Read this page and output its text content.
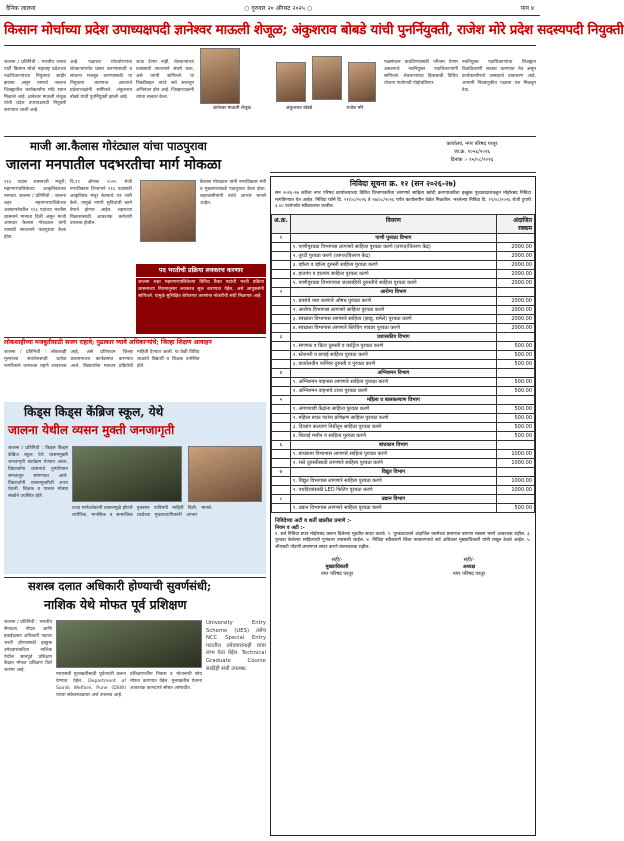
दैनिक जालना	○ गुरुवार २० ऑगस्ट २०२५ ○	पान ४
किसान मोर्चाच्या प्रदेश उपाध्यक्षपदी ज्ञानेश्वर माऊली शेजूळ; अंकुशराव बोबडे यांची पुनर्नियुक्ती, राजेश मोरे प्रदेश सदस्यपदी नियुक्ती
जालना / प्रतिनिधी : भारतीय जनता पार्टी किसान मोर्चा महाराष्ट्र प्रदेशच्या पदाधिकाऱ्यांच्या नियुक्त्या जाहीर झाल्या असून यामध्ये जालना जिल्ह्यातील कार्यकर्त्यांना मोठे स्थान मिळाले आहे. ज्ञानेश्वर माऊली शेजूळ यांची प्रदेश उपाध्यक्षपदी नियुक्ती करण्यात आली आहे.
आहे. पक्षाच्या ध्येयधोरणांचा शेतकऱ्यांपर्यंत प्रसार करण्यासाठी व संघटना मजबूत करण्यासाठी या नियुक्त्या करण्यात आल्याचे प्रदेशाध्यक्षांनी सांगितले. अंकुशराव बोबडे यांची पुनर्नियुक्ती झाली आहे.
जाऊ देणार नाही, शेतकऱ्यांच्या प्रश्नांसाठी सातत्याने संघर्ष करू, असे त्यांनी सांगितले. या निवडीबद्दल त्यांचे सर्व स्तरातून अभिनंदन होत आहे. जिल्हाध्यक्षांनी त्यांचा सत्कार केला.
ज्ञानेश्वर माऊली शेजूळ	अंकुशराव बोबडे	राजेश मोरे
पक्षसंघटन वाढविण्यासाठी परिश्रम घेणार असल्याचे नवनियुक्त पदाधिकाऱ्यांनी सांगितले. शेतकऱ्यांच्या हितासाठी विविध योजना गावोगावी पोहोचविणार.
नवनियुक्त पदाधिकाऱ्यांचा जिल्ह्यात ठिकठिकाणी सत्कार करण्यात येत असून कार्यकर्त्यांमध्ये उत्साहाचे वातावरण आहे. आगामी निवडणुकीत पक्षाला यश मिळवून देऊ.
माजी आ.कैलास गोरंट्याल यांचा पाठपुरावा
जालना मनपातील पदभरतीचा मार्ग मोकळा
११३ पदास शासनाची मंजुरी; महानगरपालिकेच्या आकृतिबंधाला मान्यता. जालना / प्रतिनिधी : जालना शहर महानगरपालिकेच्या आस्थापनेवरील ११३ पदांच्या भरतीस शासनाने मान्यता दिली असून माजी आमदार कैलास गोरंट्याल यांनी यासाठी सातत्याने पाठपुरावा केला होता.
दि.१९ ऑगस्ट २०२५ रोजी नगरविकास विभागाने ११३ पदांसाठी आकृतिबंध मंजूर केल्याचे पत्र जारी केले. यामुळे नागरी सुविधांची कामे वेगाने होणार आहेत. शहराच्या विकासासाठी आवश्यक कर्मचारी उपलब्ध होतील.
कैलास गोरंट्याल यांनी नगरविकास मंत्री व मुख्यमंत्र्यांकडे पाठपुरावा केला होता. शहरवासीयांनी त्यांचे आभार मानले आहेत.
पद भरतीची प्रक्रिया लवकरच करणार
जालना शहर महानगरपालिकेच्या विविध रिक्त पदांची भरती प्रक्रिया शासनाच्या नियमानुसार लवकरच सुरू करण्यात येईल, असे आयुक्तांनी सांगितले. यामुळे सुशिक्षित बेरोजगार तरुणांना नोकरीची संधी मिळणार आहे.
लोकशाहीच्या मजबुतीसाठी सजग राहावे; पुढाकार घ्यावे अधिकाऱ्यांचे; जिल्हा शिक्षण आवाहन
जालना / प्रतिनिधी : लोकशाही मूल्यांच्या संवर्धनासाठी प्रत्येक नागरिकाने जागरूक राहणे आवश्यक आहे, असे प्रतिपादन जिल्हा प्रशासनाच्या कार्यक्रमात करण्यात आले. विद्यार्थ्यांना मतदान प्रक्रियेची माहिती देण्यात आली. या वेळी विविध शाळांचे विद्यार्थी व शिक्षक उपस्थित होते.
किड्स किड्स केंब्रिज स्कूल, येथे
जालना येथील व्यसन मुक्ती जनजागृती
जालना / प्रतिनिधी : किड्स किड्स केंब्रिज स्कूल येथे व्यसनमुक्ती जनजागृती कार्यक्रम घेण्यात आला. विद्यार्थ्यांना व्यसनाचे दुष्परिणाम समजावून सांगण्यात आले. विद्यार्थ्यांनी व्यसनमुक्तीची शपथ घेतली. शिक्षक व पालक मोठ्या संख्येने उपस्थित होते.
तज्ज्ञ मार्गदर्शकांनी व्यसनामुळे होणारे शारीरिक, मानसिक व सामाजिक नुकसान याविषयी माहिती दिली. शाळेच्या मुख्याध्यापिकांनी आभार मानले.
सशस्त्र दलात अधिकारी होण्याची सुवर्णसंधी;
नाशिक येथे मोफत पूर्व प्रशिक्षण
जालना / प्रतिनिधी : भारतीय सैन्यदल, नौदल आणि हवाईदलात अधिकारी पदावर भरती होण्यासाठी इच्छुक उमेदवारांकरिता नाशिक येथील छात्रपूर्व प्रशिक्षण केंद्रात मोफत प्रशिक्षण दिले जाणार आहे.
एसएसबी मुलाखतीसाठी पूर्वतयारी करून घेण्यात येईल. Department of Sainik Welfare, Pune (DSW) यांच्या संकेतस्थळावर अर्ज उपलब्ध आहे.
प्रशिक्षणार्थींना निवास व भोजनाची सोय मोफत करण्यात येईल. मुलाखतीस येताना आवश्यक कागदपत्रे सोबत आणावीत.
University Entry Scheme (UES) तसेच NCC Special Entry गटातील उमेदवारांनाही याचा लाभ घेता येईल. Technical Graduate Course साठीही संधी उपलब्ध.
कार्यालय, नगर परिषद परतूर
जा.क्र. १०५६/२०२६
दिनांक :- १५/०८/२०२६
निविदा सूचना क्र. १२ (सन २०२६-२७)
सन २०२६-२७ करिता नगर परिषद कार्यालयाच्या विविध विभागाकरिता लागणारे साहित्य खरेदी करण्याकरिता इच्छुक पुरवठादारांकडून मोहोरबंद निविदा मागविण्यात येत आहेत. निविदा फॉर्म दि. २१/०८/२०२६ ते २७/०८/२०२६ पर्यंत कार्यालयीन वेळेत मिळतील. भरलेल्या निविदा दि. २९/०८/२०२६ रोजी दुपारी ३.०० वाजेपर्यंत स्वीकारल्या जातील.
अ.क्र.	विवरण	अंदाजित रक्कम
१	पाणी पुरवठा विभाग	
	१. पाणीपुरवठा विभागास लागणारे साहित्य पुरवठा करणे (लागत/वितरण केंद्र)	2000.00
	२. तुरटी पुरवठा करणे (लागत/वितरण केंद्र)	2000.00
	३. व्हॉल्व व व्हॉल्व दुरुस्ती साहित्य पुरवठा करणे	2000.00
	४. हातपंप व हातपंप साहित्य पुरवठा करणे	2000.00
	५. पाणीपुरवठा विभागाच्या जलवाहिनी दुरुस्तीचे साहित्य पुरवठा करणे	2000.00
२	आरोग्य विभाग	
	१. डासांचे नाश करणारे औषध पुरवठा करणे	2000.00
	२. आरोग्य विभागास लागणारे साहित्य पुरवठा करणे	2000.00
	३. स्वच्छता विभागास लागणारे साहित्य (झाडू, घमेले) पुरवठा करणे	2000.00
	४. स्वच्छता विभागास लागणारे ब्लिचिंग पावडर पुरवठा करणे	2000.00
३	प्रशासकीय विभाग	
	१. संगणक व प्रिंटर दुरुस्ती व कार्ट्रिज पुरवठा करणे	500.00
	२. स्टेशनरी व छपाई साहित्य पुरवठा करणे	500.00
	३. कार्यालयीन फर्निचर दुरुस्ती व पुरवठा करणे	500.00
४	अग्निशमन विभाग	
	१. अग्निशमन वाहनास लागणारे साहित्य पुरवठा करणे	500.00
	२. अग्निशमन वाहनाचे टायर पुरवठा करणे	500.00
५	महिला व बालकल्याण विभाग	
	१. अंगणवाडी केंद्रांना साहित्य पुरवठा करणे	500.00
	२. महिला बचत गटांना प्रशिक्षण साहित्य पुरवठा करणे	500.00
	३. दिव्यांग कल्याण निधीतून साहित्य पुरवठा करणे	500.00
	४. शिलाई मशीन व साहित्य पुरवठा करणे	500.00
६	बांधकाम विभाग	
	१. बांधकाम विभागास लागणारे साहित्य पुरवठा करणे	1000.00
	२. रस्ते दुरुस्तीसाठी लागणारे साहित्य पुरवठा करणे	1000.00
७	विद्युत विभाग	
	१. विद्युत विभागास लागणारे साहित्य पुरवठा करणे	1000.00
	२. पथदिव्यांसाठी LED फिटिंग पुरवठा करणे	1000.00
८	उद्यान विभाग	
	१. उद्यान विभागास लागणारे साहित्य पुरवठा करणे	500.00
निविदेच्या अटी व शर्ती खालील प्रमाणे :-
नियम व अटी :-
१. सर्व निविदा प्रपत्र मोहोरबंद करून दिलेल्या मुदतीत सादर करावे. २. पुरवठादाराने अंदाजित रकमेच्या प्रमाणात बयाणा रक्कम भरणे आवश्यक राहील. ३. पुरवठा केलेल्या साहित्याची गुणवत्ता तपासली जाईल. ४. निविदा स्वीकारणे किंवा नाकारण्याचे सर्व अधिकार मुख्याधिकारी यांनी राखून ठेवले आहेत. ५. जीएसटी नोंदणी प्रमाणपत्र सादर करणे बंधनकारक राहील.
सही/-
मुख्याधिकारी
नगर परिषद परतूर
सही/-
अध्यक्ष
नगर परिषद परतूर
